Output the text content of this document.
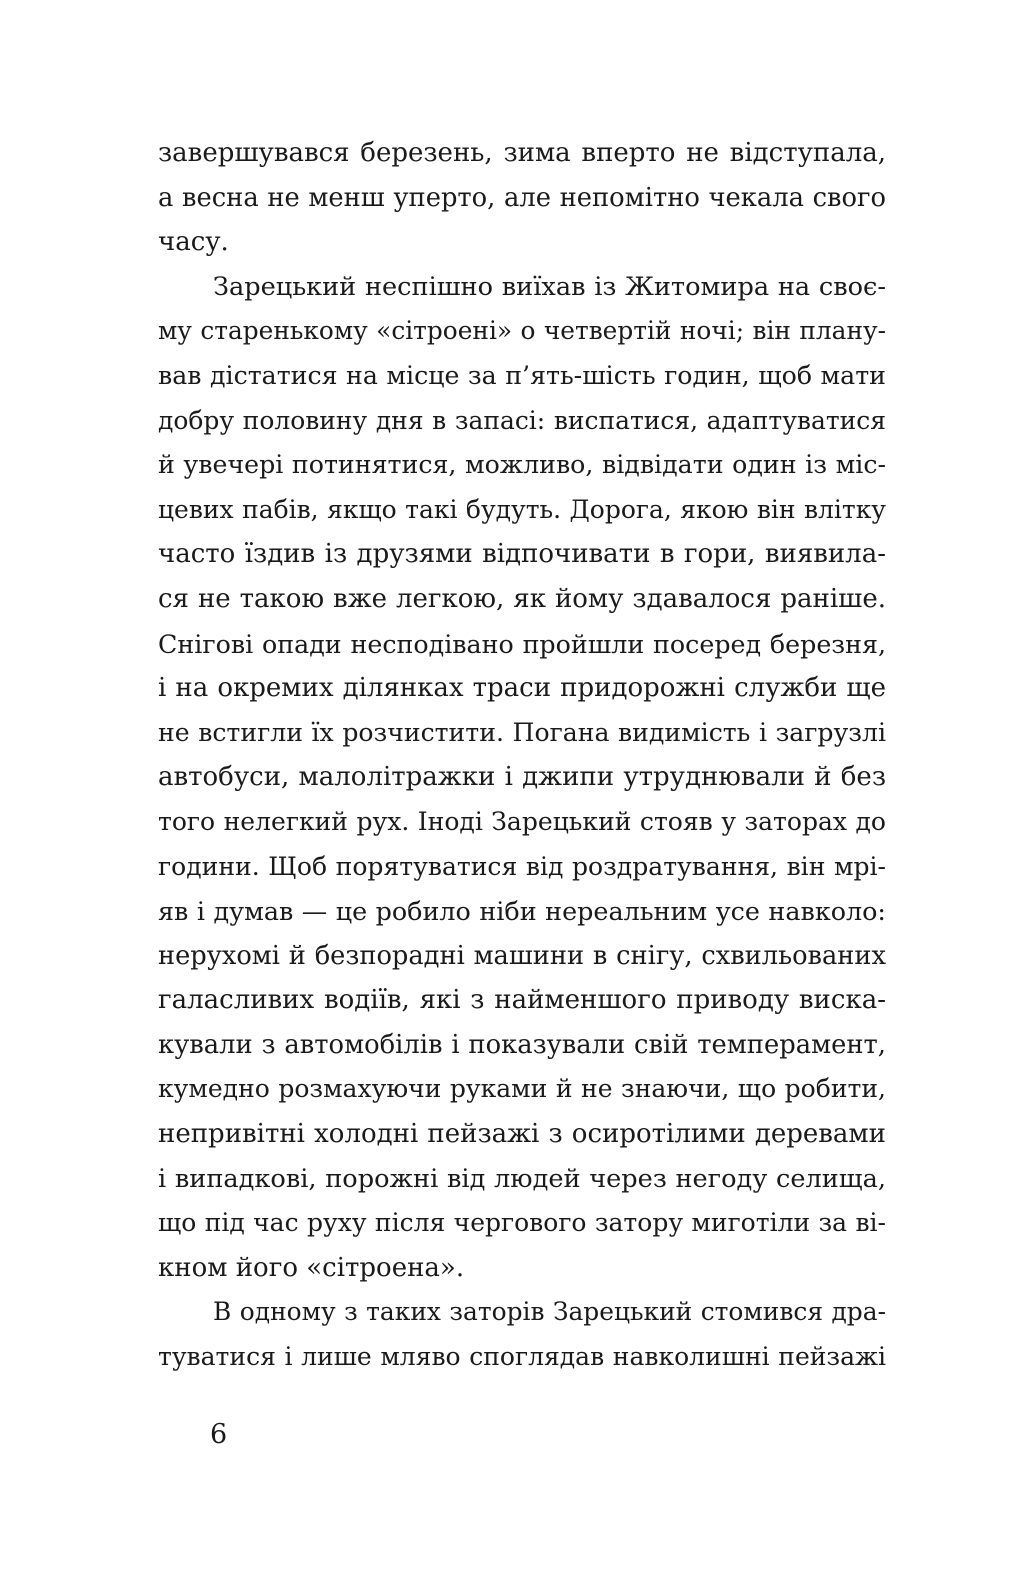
завершувався березень, зима вперто не відступала,
а весна не менш уперто, але непомітно чекала свого
часу.
Зарецький неспішно виїхав із Житомира на своє-
му старенькому «сітроені» о четвертій ночі; він плану-
вав дістатися на місце за п’ять-шість годин, щоб мати
добру половину дня в запасі: виспатися, адаптуватися
й увечері потинятися, можливо, відвідати один із міс-
цевих пабів, якщо такі будуть. Дорога, якою він влітку
часто їздив із друзями відпочивати в гори, виявила-
ся не такою вже легкою, як йому здавалося раніше.
Снігові опади несподівано пройшли посеред березня,
і на окремих ділянках траси придорожні служби ще
не встигли їх розчистити. Погана видимість і загрузлі
автобуси, малолітражки і джипи утруднювали й без
того нелегкий рух. Іноді Зарецький стояв у заторах до
години. Щоб порятуватися від роздратування, він мрі-
яв і думав — це робило ніби нереальним усе навколо:
нерухомі й безпорадні машини в снігу, схвильованих
галасливих водіїв, які з найменшого приводу виска-
кували з автомобілів і показували свій темперамент,
кумедно розмахуючи руками й не знаючи, що робити,
непривітні холодні пейзажі з осиротілими деревами
і випадкові, порожні від людей через негоду селища,
що під час руху після чергового затору миготіли за ві-
кном його «сітроена».
В одному з таких заторів Зарецький стомився дра-
туватися і лише мляво споглядав навколишні пейзажі
6
